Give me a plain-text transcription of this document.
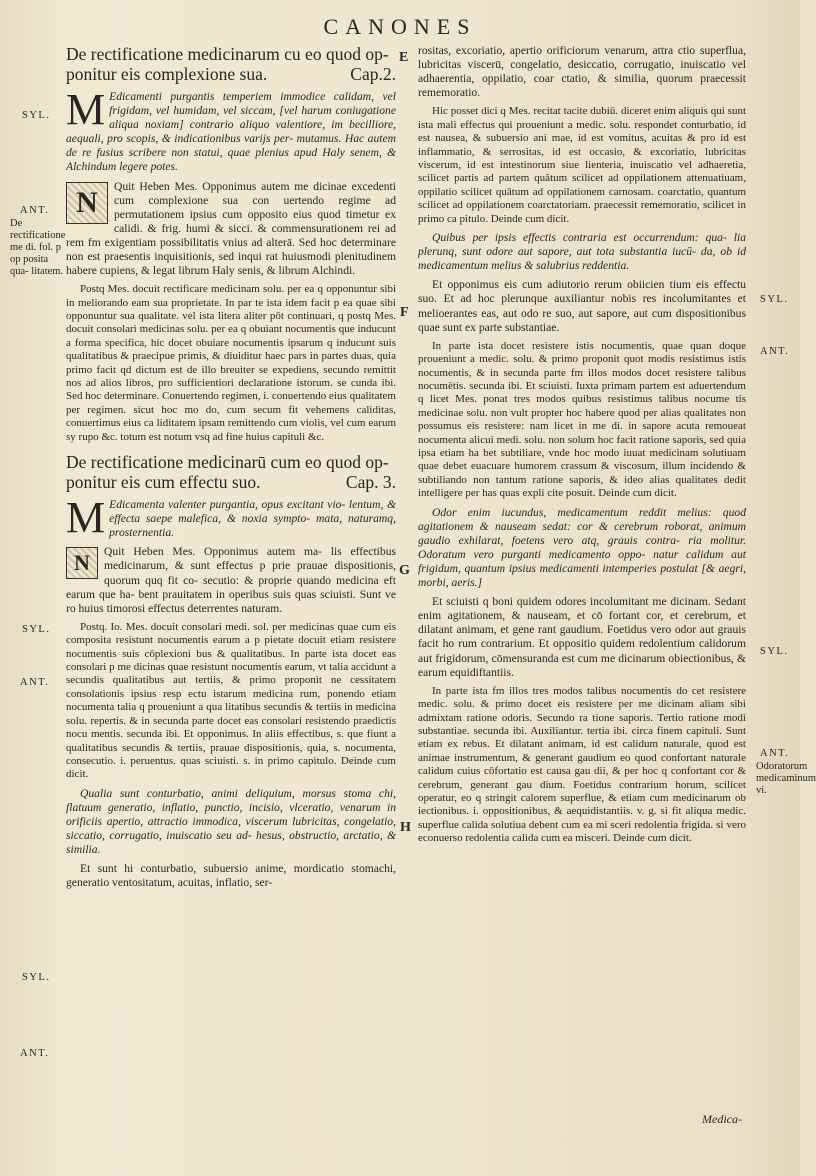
CANONES
E
F
G
H
SYL.
ANT.
De rectificatione me di. fol. p op posita qua- litatem.
SYL.
ANT.
SYL.
ANT.
SYL.
ANT.
SYL.
ANT.
Odoratorum medicaminum vi.
De rectificatione medicinarum cu eo quod op- ponitur eis complexione sua.	Cap.2.

M Edicamenti purgantis temperiem immodice calidam, vel frigidam, vel humidam, vel siccam, [vel harum coniugatione aliqua noxiam] contrario aliquo valentiore, im becilliore, aequali, pro scopis, & indicationibus varijs per- mutamus. Hac autem de re fusius scribere non statui, quae plenius apud Haly senem, & Alchindum legere potes.

N	Quit Heben Mes. Opponimus autem me dicinae excedenti cum complexione sua con uertendo regime ad permutationem ipsius cum opposito eius quod timetur ex calidi. & frig. humi & sicci. & commensurationem rei ad rem fm exigentiam possibilitatis vnius ad alterā. Sed hoc determinare non est praesentis inquisitionis, sed inqui rat huiusmodi plenitudinem habere cupiens, & legat librum Haly senis, & librum Alchindi.

Postq Mes. docuit rectificare medicinam solu. per ea q opponuntur sibi in meliorando eam sua proprietate. In par te ista idem facit p ea quae sibi opponuntur sua qualitate. vel ista litera aliter pōt continuari, q postq Mes. docuit consolari medicinas solu. per ea q obuiant nocumentis que inducunt a forma specifica, hic docet obuiare nocumentis ipsarum q inducunt suis qualitatibus & praecipue primis, & diuiditur haec pars in partes duas, quia primo facit qd dictum est de illo breuiter se expediens, secundo remittit nos ad alios libros, pro sufficientiori declaratione istorum. se cunda ibi. Sed hoc determinare. Conuertendo regimen, i. conuertendo eius qualitatem per regimen. sicut hoc mo do, cum secum fit vehemens caliditas, conuertimus eius ca liditatem ipsam remittendo cum violis, vel cum earum sy rupo &c. totum est notum vsq ad fine huius capituli &c.

De rectificatione medicinarū cum eo quod op- ponitur eis cum effectu suo.	Cap. 3.

M Edicamenta valenter purgantia, opus excitant vio- lentum, & effecta saepe malefica, & noxia sympto- mata, naturamq, prosternentia.

N	Quit Heben Mes. Opponimus autem ma- lis effectibus medicinarum, & sunt effectus p prie prauae dispositionis, quorum quq fit co- secutio: & proprie quando medicina eft earum que ha- bent prauitatem in operibus suis quas sciuisti. Sunt ve ro huius timorosi effectus deterrentes naturam.

Postq. Io. Mes. docuit consolari medi. sol. per medicinas quae cum eis composita resistunt nocumentis earum a p pietate docuit etiam resistere nocumentis suis cōplexioni bus & qualitatibus. In parte ista docet eas consolari p me dicinas quae resistunt nocumentis earum, vt talia accidunt a secundis qualitatibus aut tertiis, & primo proponit ne cessitatem consolationis ipsius resp ectu istarum medicina rum, ponendo etiam nocumenta talia q proueniunt a qua litatibus secundis & tertiis in medicina solu. repertis. & in secunda parte docet eas consolari resistendo praedictis nocu mentis. secunda ibi. Et opponimus. In aliis effectibus, s. que fiunt a qualitatibus secundis & tertiis, prauae dispositionis, quia, s. nocumenta, consecutio. i. peruentus. quas sciuisti. s. in primo capitulo. Deinde cum dicit.

Qualia sunt conturbatio, animi deliquium, morsus stoma chi, flatuum generatio, inflatio, punctio, incisio, vlceratio, venarum in orificiis apertio, attractio immodica, viscerum lubricitas, congelatio, siccatio, corrugatio, inuiscatio seu ad- hesus, obstructio, arctatio, & similia.

Et sunt hi conturbatio, subuersio anime, mordicatio stomachi, generatio ventositatum, acuitas, inflatio, ser-

rositas, excoriatio, apertio orificiorum venarum, attra ctio superflua, lubricitas viscerū, congelatio, desiccatio, corrugatio, inuiscatio vel adhaerentia, oppilatio, coar ctatio, & similia, quorum praecessit rememoratio.

Hic posset dici q Mes. recitat tacite dubiū. diceret enim aliquis qui sunt ista mali effectus qui proueniunt a medic. solu. respondet conturbatio, id est nausea, & subuersio ani mae, id est vomitus, acuitas & pro id est inflammatio, & serrositas, id est occasio, & excoriatio, lubricitas viscerum, id est intestinorum siue lienteria, inuiscatio vel adhaeretia, scilicet partis ad partem quātum scilicet ad oppilationem attenuatiuam, oppilatio scilicet quātum ad oppilationem carnosam. coarctatio, quantum scilicet ad oppilationem coarctatoriam. praecessit rememoratio, scilicet in primo ca pitulo. Deinde cum dicit.

Quibus per ipsis effectis contraria est occurrendum: qua- lia plerunq, sunt odore aut sapore, aut tota substantia iucū- da, ob id medicamentum melius & salubrius reddentia.

Et opponimus eis cum adiutorio rerum obiicien tium eis effectu suo. Et ad hoc plerunque auxiliantur nobis res incolumitantes et melioerantes eas, aut odo re suo, aut sapore, aut cum dispositionibus quae sunt ex parte substantiae.

In parte ista docet resistere istis nocumentis, quae quan doque proueniunt a medic. solu. & primo proponit quot modis resistimus istis nocumentis, & in secunda parte fm illos modos docet resistere talibus nocumētis. secunda ibi. Et sciuisti. Iuxta primam partem est aduertendum q licet Mes. ponat tres modos quibus resistimus talibus nocume tis medicinae solu. non vult propter hoc habere quod per alias qualitates non possumus eis resistere: nam licet in me di. in sapore acuta remoueat nocumenta alicui medi. solu. non solum hoc facit ratione saporis, sed quia ipsa etiam ha bet subtiliare, vnde hoc modo iuuat medicinam solutiuam quae debet euacuare humorem crassum & viscosum, illum incidendo & subtiliando non tantum ratione saporis, & ideo alias qualitates dedit intelligere per has quas expli cite posuit. Deinde cum dicit.

Odor enim iucundus, medicamentum reddit melius: quod agitationem & nauseam sedat: cor & cerebrum roborat, animum gaudio exhilarat, foetens vero atq, grauis contra- ria molitur. Odoratum vero purganti medicamento oppo- natur calidum aut frigidum, quantum ipsius medicamenti intemperies postulat [& aegri, morbi, aeris.]

Et sciuisti q boni quidem odores incolumitant me dicinam. Sedant enim agitationem, & nauseam, et cō fortant cor, et cerebrum, et dilatant animam, et gene rant gaudium. Foetidus vero odor aut grauis facit ho rum contrarium. Et oppositio quidem redolentium calidorum aut frigidorum, cōmensuranda est cum me dicinarum obiectionibus, & earum equidiftantiis.

In parte ista fm illos tres modos talibus nocumentis do cet resistere medic. solu. & primo docet eis resistere per me dicinam aliam sibi admixtam ratione odoris. Secundo ra tione saporis. Tertio ratione modi substantiae. secunda ibi. Auxiliantur. tertia ibi. circa finem capituli. Sunt etiam ex rebus. Et dilatant animam, id est calidum naturale, quod est animae instrumentum, & generant gaudium eo quod confortant naturale calidum cuius cōfortatio est causa gau dii, & per hoc q confortant cor & cerebrum, generant gau dium. Foetidus contrarium horum, scilicet operatur, eo q stringit calorem superflue, & etiam cum medicinarum ob iectionibus. i. oppositionibus, & aequidistantiis. v. g. si fit aliqua medic. superflue calida solutiua debent cum ea mi sceri redolentia frigida. si vero econuerso redolentia calida cum ea misceri. Deinde cum dicit.

Medica-
